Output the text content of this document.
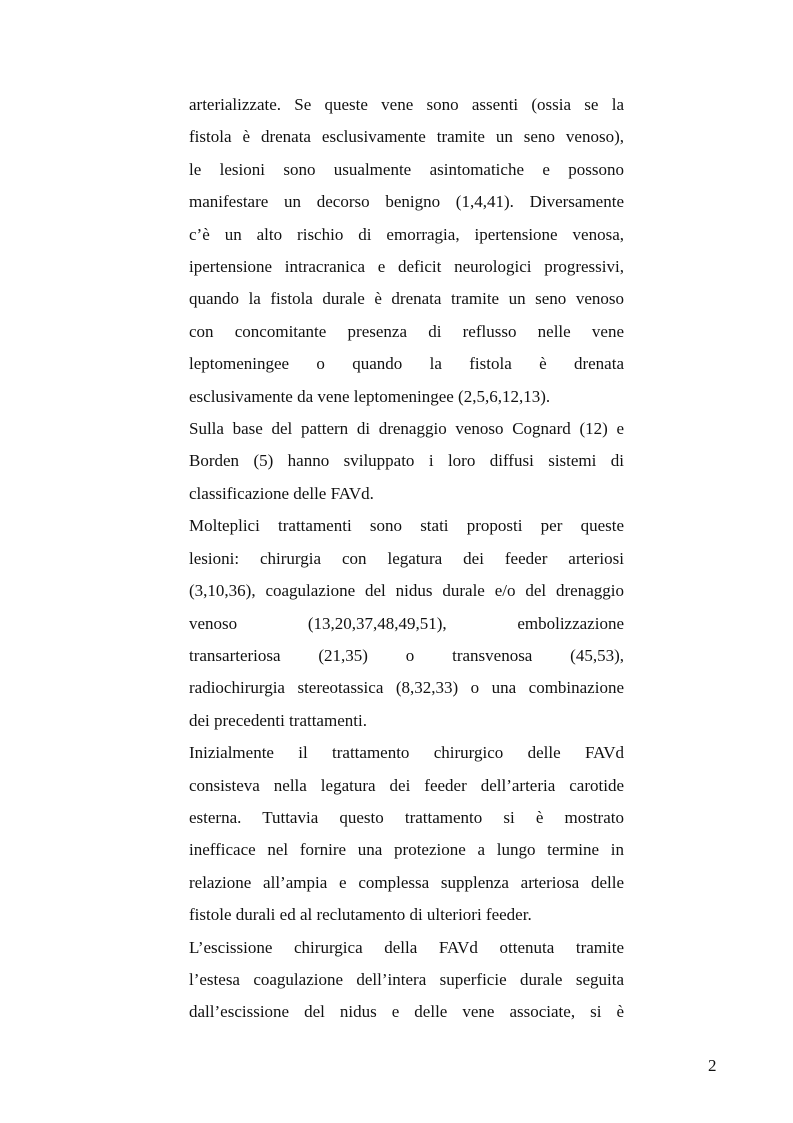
arterializzate. Se queste vene sono assenti (ossia se la
fistola è drenata esclusivamente tramite un seno venoso),
le lesioni sono usualmente asintomatiche e possono
manifestare un decorso benigno (1,4,41). Diversamente
c’è un alto rischio di emorragia, ipertensione venosa,
ipertensione intracranica e deficit neurologici progressivi,
quando la fistola durale è drenata tramite un seno venoso
con concomitante presenza di reflusso nelle vene
leptomeningee o quando la fistola è drenata
esclusivamente da vene leptomeningee (2,5,6,12,13).

Sulla base del pattern di drenaggio venoso Cognard (12) e
Borden (5) hanno sviluppato i loro diffusi sistemi di
classificazione delle FAVd.

Molteplici trattamenti sono stati proposti per queste
lesioni: chirurgia con legatura dei feeder arteriosi
(3,10,36), coagulazione del nidus durale e/o del drenaggio
venoso (13,20,37,48,49,51), embolizzazione
transarteriosa (21,35) o transvenosa (45,53),
radiochirurgia stereotassica (8,32,33) o una combinazione
dei precedenti trattamenti.

Inizialmente il trattamento chirurgico delle FAVd
consisteva nella legatura dei feeder dell’arteria carotide
esterna. Tuttavia questo trattamento si è mostrato
inefficace nel fornire una protezione a lungo termine in
relazione all’ampia e complessa supplenza arteriosa delle
fistole durali ed al reclutamento di ulteriori feeder.

L’escissione chirurgica della FAVd ottenuta tramite
l’estesa coagulazione dell’intera superficie durale seguita
dall’escissione del nidus e delle vene associate, si è

2
